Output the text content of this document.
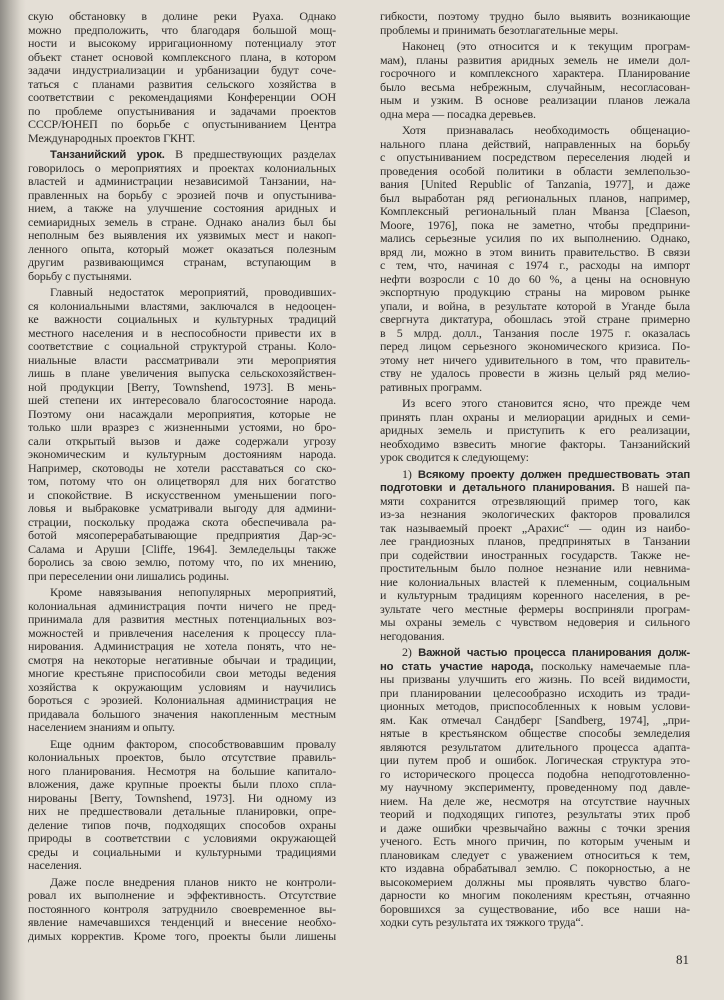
скую обстановку в долине реки Руаха. Однако
можно предположить, что благодаря большой мощ-
ности и высокому ирригационному потенциалу этот
объект станет основой комплексного плана, в котором
задачи индустриализации и урбанизации будут соче-
таться с планами развития сельского хозяйства в
соответствии с рекомендациями Конференции ООН
по проблеме опустынивания и задачами проектов
СССР/ЮНЕП по борьбе с опустыниванием Центра
Международных проектов ГКНТ.
Танзанийский урок. В предшествующих разделах
говорилось о мероприятиях и проектах колониальных
властей и администрации независимой Танзании, на-
правленных на борьбу с эрозией почв и опустынива-
нием, а также на улучшение состояния аридных и
семиаридных земель в стране. Однако анализ был бы
неполным без выявления их уязвимых мест и накоп-
ленного опыта, который может оказаться полезным
другим развивающимся странам, вступающим в
борьбу с пустынями.
Главный недостаток мероприятий, проводивших-
ся колониальными властями, заключался в недооцен-
ке важности социальных и культурных традиций
местного населения и в неспособности привести их в
соответствие с социальной структурой страны. Коло-
ниальные власти рассматривали эти мероприятия
лишь в плане увеличения выпуска сельскохозяйствен-
ной продукции [Berry, Townshend, 1973]. В мень-
шей степени их интересовало благосостояние народа.
Поэтому они насаждали мероприятия, которые не
только шли вразрез с жизненными устоями, но бро-
сали открытый вызов и даже содержали угрозу
экономическим и культурным достояниям народа.
Например, скотоводы не хотели расставаться со ско-
том, потому что он олицетворял для них богатство
и спокойствие. В искусственном уменьшении пого-
ловья и выбраковке усматривали выгоду для админи-
страции, поскольку продажа скота обеспечивала ра-
ботой мясоперерабатывающие предприятия Дар-эс-
Салама и Аруши [Cliffe, 1964]. Земледельцы также
боролись за свою землю, потому что, по их мнению,
при переселении они лишались родины.
Кроме навязывания непопулярных мероприятий,
колониальная администрация почти ничего не пред-
принимала для развития местных потенциальных воз-
можностей и привлечения населения к процессу пла-
нирования. Администрация не хотела понять, что не-
смотря на некоторые негативные обычаи и традиции,
многие крестьяне приспособили свои методы ведения
хозяйства к окружающим условиям и научились
бороться с эрозией. Колониальная администрация не
придавала большого значения накопленным местным
населением знаниям и опыту.
Еще одним фактором, способствовавшим провалу
колониальных проектов, было отсутствие правиль-
ного планирования. Несмотря на большие капитало-
вложения, даже крупные проекты были плохо спла-
нированы [Berry, Townshend, 1973]. Ни одному из
них не предшествовали детальные планировки, опре-
деление типов почв, подходящих способов охраны
природы в соответствии с условиями окружающей
среды и социальными и культурными традициями
населения.
Даже после внедрения планов никто не контроли-
ровал их выполнение и эффективность. Отсутствие
постоянного контроля затруднило своевременное вы-
явление намечавшихся тенденций и внесение необхо-
димых корректив. Кроме того, проекты были лишены
гибкости, поэтому трудно было выявить возникающие
проблемы и принимать безотлагательные меры.
Наконец (это относится и к текущим програм-
мам), планы развития аридных земель не имели дол-
госрочного и комплексного характера. Планирование
было весьма небрежным, случайным, несогласован-
ным и узким. В основе реализации планов лежала
одна мера — посадка деревьев.
Хотя признавалась необходимость общенацио-
нального плана действий, направленных на борьбу
с опустыниванием посредством переселения людей и
проведения особой политики в области землепользо-
вания [United Republic of Tanzania, 1977], и даже
был выработан ряд региональных планов, например,
Комплексный региональный план Мванза [Claeson,
Moore, 1976], пока не заметно, чтобы предприни-
мались серьезные усилия по их выполнению. Однако,
вряд ли, можно в этом винить правительство. В связи
с тем, что, начиная с 1974 г., расходы на импорт
нефти возросли с 10 до 60 %, а цены на основную
экспортную продукцию страны на мировом рынке
упали, и война, в результате которой в Уганде была
свергнута диктатура, обошлась этой стране примерно
в 5 млрд. долл., Танзания после 1975 г. оказалась
перед лицом серьезного экономического кризиса. По-
этому нет ничего удивительного в том, что правитель-
ству не удалось провести в жизнь целый ряд мелио-
ративных программ.
Из всего этого становится ясно, что прежде чем
принять план охраны и мелиорации аридных и семи-
аридных земель и приступить к его реализации,
необходимо взвесить многие факторы. Танзанийский
урок сводится к следующему:
1) Всякому проекту должен предшествовать этап
подготовки и детального планирования. В нашей па-
мяти сохранится отрезвляющий пример того, как
из-за незнания экологических факторов провалился
так называемый проект „Арахис“ — один из наибо-
лее грандиозных планов, предпринятых в Танзании
при содействии иностранных государств. Также не-
простительным было полное незнание или невнима-
ние колониальных властей к племенным, социальным
и культурным традициям коренного населения, в ре-
зультате чего местные фермеры восприняли програм-
мы охраны земель с чувством недоверия и сильного
негодования.
2) Важной частью процесса планирования долж-
но стать участие народа, поскольку намечаемые пла-
ны призваны улучшить его жизнь. По всей видимости,
при планировании целесообразно исходить из тради-
ционных методов, приспособленных к новым услови-
ям. Как отмечал Сандберг [Sandberg, 1974], „при-
нятые в крестьянском обществе способы земледелия
являются результатом длительного процесса адапта-
ции путем проб и ошибок. Логическая структура это-
го исторического процесса подобна неподготовленно-
му научному эксперименту, проведенному под давле-
нием. На деле же, несмотря на отсутствие научных
теорий и подходящих гипотез, результаты этих проб
и даже ошибки чрезвычайно важны с точки зрения
ученого. Есть много причин, по которым ученым и
плановикам следует с уважением относиться к тем,
кто издавна обрабатывал землю. С покорностью, а не
высокомерием должны мы проявлять чувство благо-
дарности ко многим поколениям крестьян, отчаянно
боровшихся за существование, ибо все наши на-
ходки суть результата их тяжкого труда“.
81
